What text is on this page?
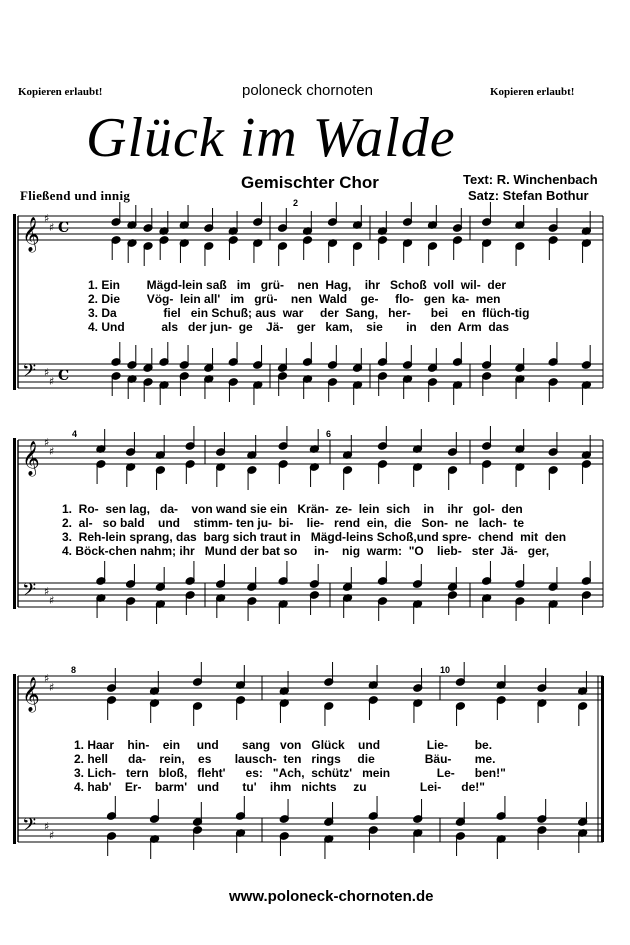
Kopieren erlaubt!	poloneck chornoten	Kopieren erlaubt!
Glück im Walde
Gemischter Chor	Text: R. Winchenbach
Satz: Stefan Bothur
Fließend und innig
𝄞
𝄢
♯
♯
♯
♯
C
C
2
𝄞
𝄢
♯
♯
♯
♯
4	6
𝄞
𝄢
♯
♯
♯
♯
8	10
1. Ein        Mägd-lein saß   im   grü-    nen  Hag,    ihr   Schoß  voll  wil-  der
2. Die        Vög-  lein all'   im   grü-    nen  Wald    ge-     flo-   gen  ka-  men
3. Da              fiel   ein Schuß; aus  war     der  Sang,   her-      bei    en  flüch-tig
4. Und           als   der jun-  ge    Jä-    ger   kam,    sie       in    den  Arm  das
1.  Ro-  sen lag,   da-    von wand sie ein   Krän-  ze-  lein  sich    in    ihr   gol-  den
2.  al-   so bald    und    stimm- ten ju-  bi-    lie-   rend  ein,  die   Son-  ne   lach-  te
3.  Reh-lein sprang, das  barg sich traut in   Mägd-leins Schoß,und spre-  chend  mit  den
4. Böck-chen nahm; ihr   Mund der bat so     in-    nig  warm:  "O    lieb-   ster  Jä-   ger,
1. Haar    hin-    ein     und       sang   von   Glück    und              Lie-        be.
2. hell      da-    rein,    es       lausch-  ten   rings     die               Bäu-       me.
3. Lich-   tern   bloß,   fleht'      es:   "Ach,  schütz'   mein              Le-      ben!"
4. hab'    Er-    barm'   und       tu'    ihm   nichts     zu                Lei-      de!"
www.poloneck-chornoten.de
